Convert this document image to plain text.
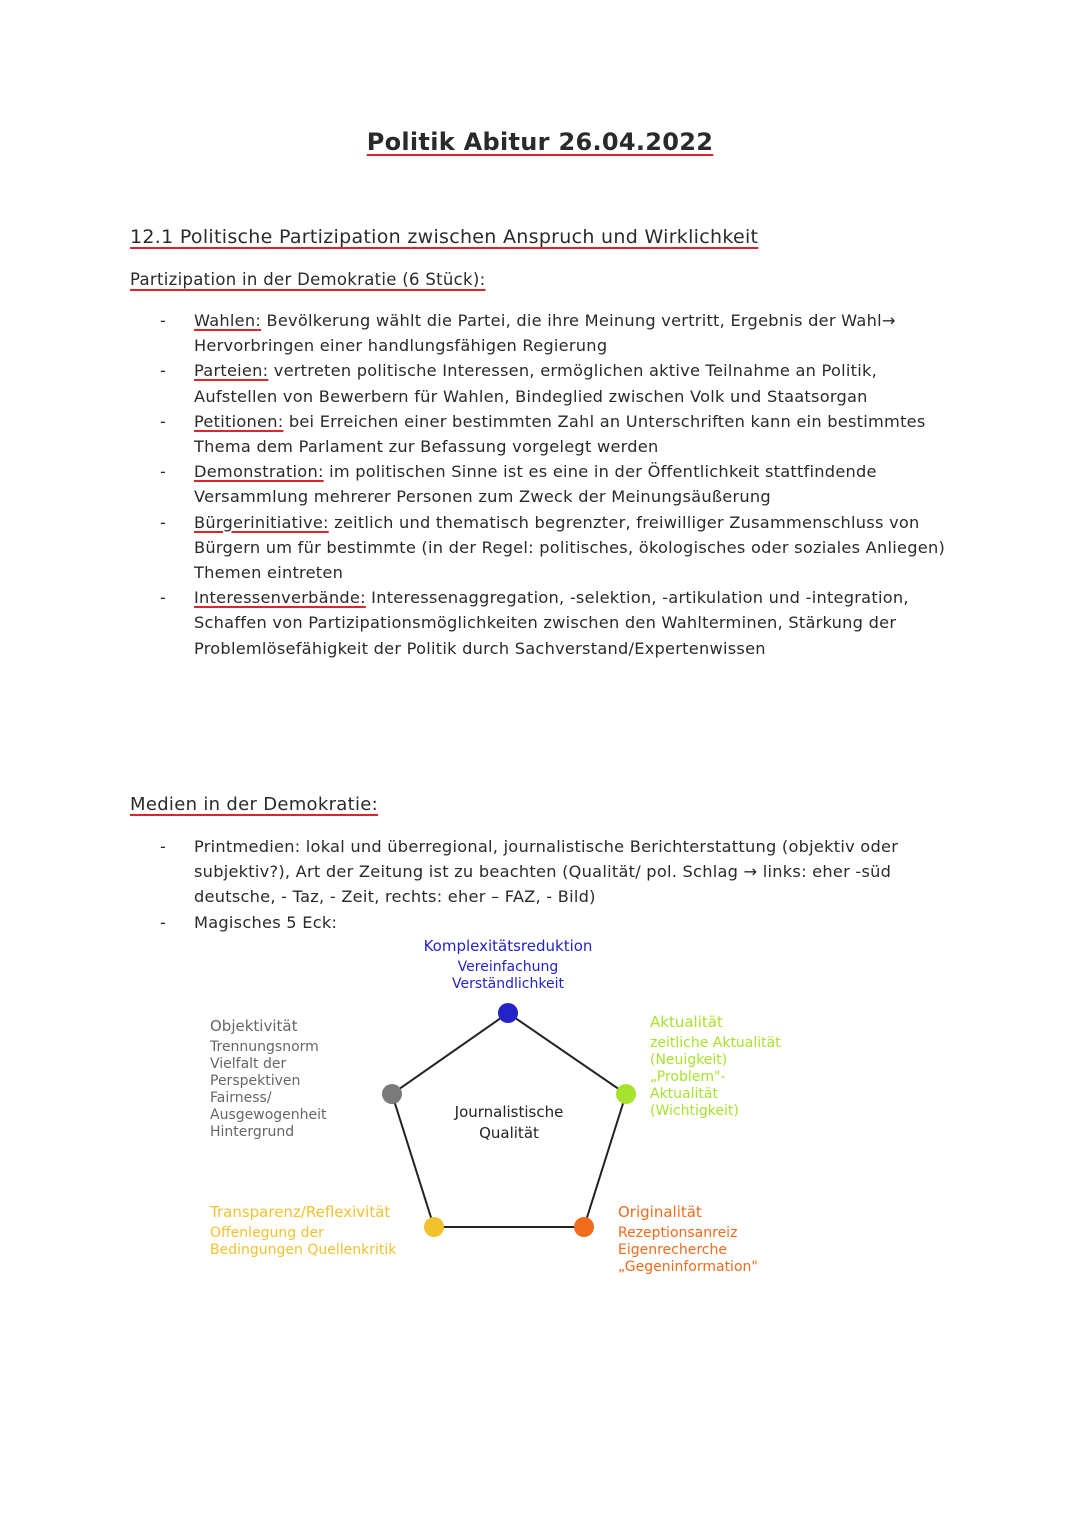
Politik Abitur 26.04.2022
12.1 Politische Partizipation zwischen Anspruch und Wirklichkeit
Partizipation in der Demokratie (6 Stück):
- Wahlen: Bevölkerung wählt die Partei, die ihre Meinung vertritt, Ergebnis der Wahl→ Hervorbringen einer handlungsfähigen Regierung
- Parteien: vertreten politische Interessen, ermöglichen aktive Teilnahme an Politik, Aufstellen von Bewerbern für Wahlen, Bindeglied zwischen Volk und Staatsorgan
- Petitionen: bei Erreichen einer bestimmten Zahl an Unterschriften kann ein bestimmtes Thema dem Parlament zur Befassung vorgelegt werden
- Demonstration: im politischen Sinne ist es eine in der Öffentlichkeit stattfindende Versammlung mehrerer Personen zum Zweck der Meinungsäußerung
- Bürgerinitiative: zeitlich und thematisch begrenzter, freiwilliger Zusammenschluss von Bürgern um für bestimmte (in der Regel: politisches, ökologisches oder soziales Anliegen) Themen eintreten
- Interessenverbände: Interessenaggregation, -selektion, -artikulation und -integration, Schaffen von Partizipationsmöglichkeiten zwischen den Wahlterminen, Stärkung der Problemlösefähigkeit der Politik durch Sachverstand/Expertenwissen
Medien in der Demokratie:
- Printmedien: lokal und überregional, journalistische Berichterstattung (objektiv oder subjektiv?), Art der Zeitung ist zu beachten (Qualität/ pol. Schlag → links: eher -süd deutsche, - Taz, - Zeit, rechts: eher – FAZ, - Bild)
- Magisches 5 Eck:
Journalistische
Qualität
Komplexitätsreduktion
Vereinfachung
Verständlichkeit
Aktualität
zeitliche Aktualität
(Neuigkeit)
„Problem"-
Aktualität
(Wichtigkeit)
Originalität
Rezeptionsanreiz
Eigenrecherche
„Gegeninformation"
Transparenz/Reflexivität
Offenlegung der
Bedingungen Quellenkritik
Objektivität
Trennungsnorm
Vielfalt der
Perspektiven
Fairness/
Ausgewogenheit
Hintergrund
